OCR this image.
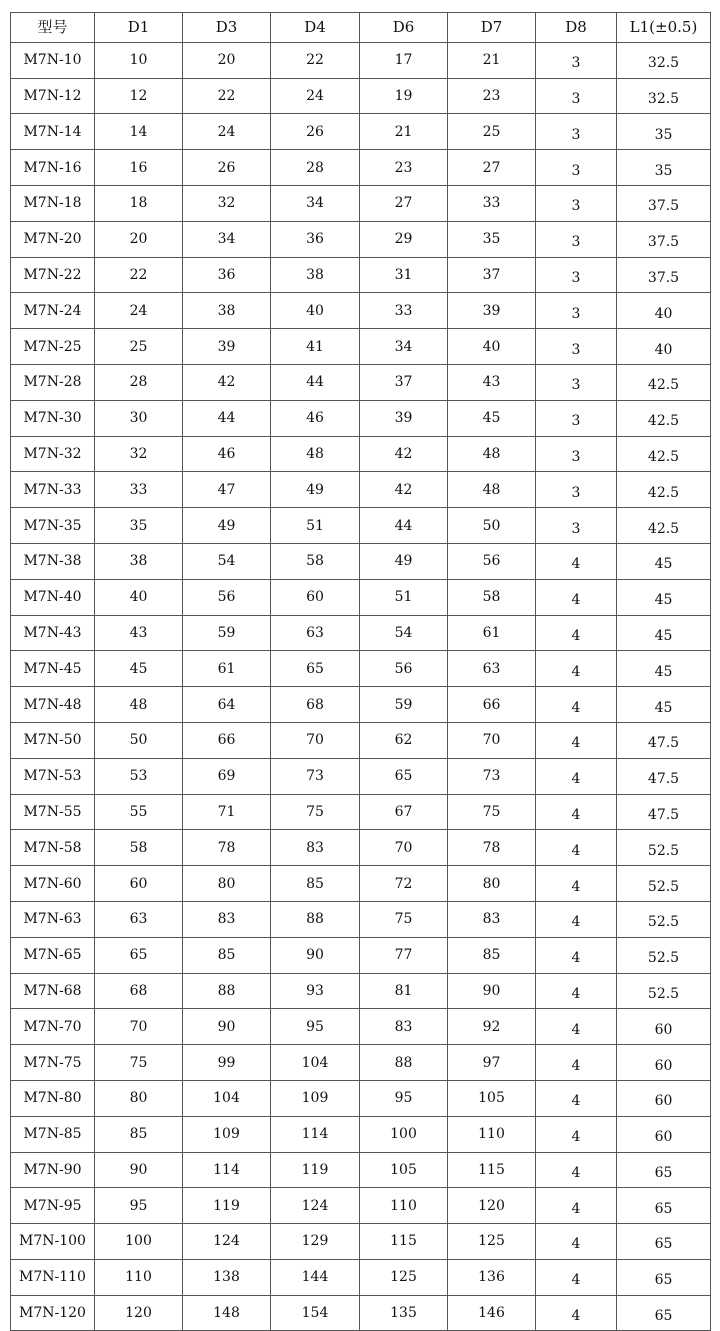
型号	D1	D3	D4	D6	D7	D8	L1(±0.5)
M7N-10	10	20	22	17	21	3	32.5
M7N-12	12	22	24	19	23	3	32.5
M7N-14	14	24	26	21	25	3	35
M7N-16	16	26	28	23	27	3	35
M7N-18	18	32	34	27	33	3	37.5
M7N-20	20	34	36	29	35	3	37.5
M7N-22	22	36	38	31	37	3	37.5
M7N-24	24	38	40	33	39	3	40
M7N-25	25	39	41	34	40	3	40
M7N-28	28	42	44	37	43	3	42.5
M7N-30	30	44	46	39	45	3	42.5
M7N-32	32	46	48	42	48	3	42.5
M7N-33	33	47	49	42	48	3	42.5
M7N-35	35	49	51	44	50	3	42.5
M7N-38	38	54	58	49	56	4	45
M7N-40	40	56	60	51	58	4	45
M7N-43	43	59	63	54	61	4	45
M7N-45	45	61	65	56	63	4	45
M7N-48	48	64	68	59	66	4	45
M7N-50	50	66	70	62	70	4	47.5
M7N-53	53	69	73	65	73	4	47.5
M7N-55	55	71	75	67	75	4	47.5
M7N-58	58	78	83	70	78	4	52.5
M7N-60	60	80	85	72	80	4	52.5
M7N-63	63	83	88	75	83	4	52.5
M7N-65	65	85	90	77	85	4	52.5
M7N-68	68	88	93	81	90	4	52.5
M7N-70	70	90	95	83	92	4	60
M7N-75	75	99	104	88	97	4	60
M7N-80	80	104	109	95	105	4	60
M7N-85	85	109	114	100	110	4	60
M7N-90	90	114	119	105	115	4	65
M7N-95	95	119	124	110	120	4	65
M7N-100	100	124	129	115	125	4	65
M7N-110	110	138	144	125	136	4	65
M7N-120	120	148	154	135	146	4	65
